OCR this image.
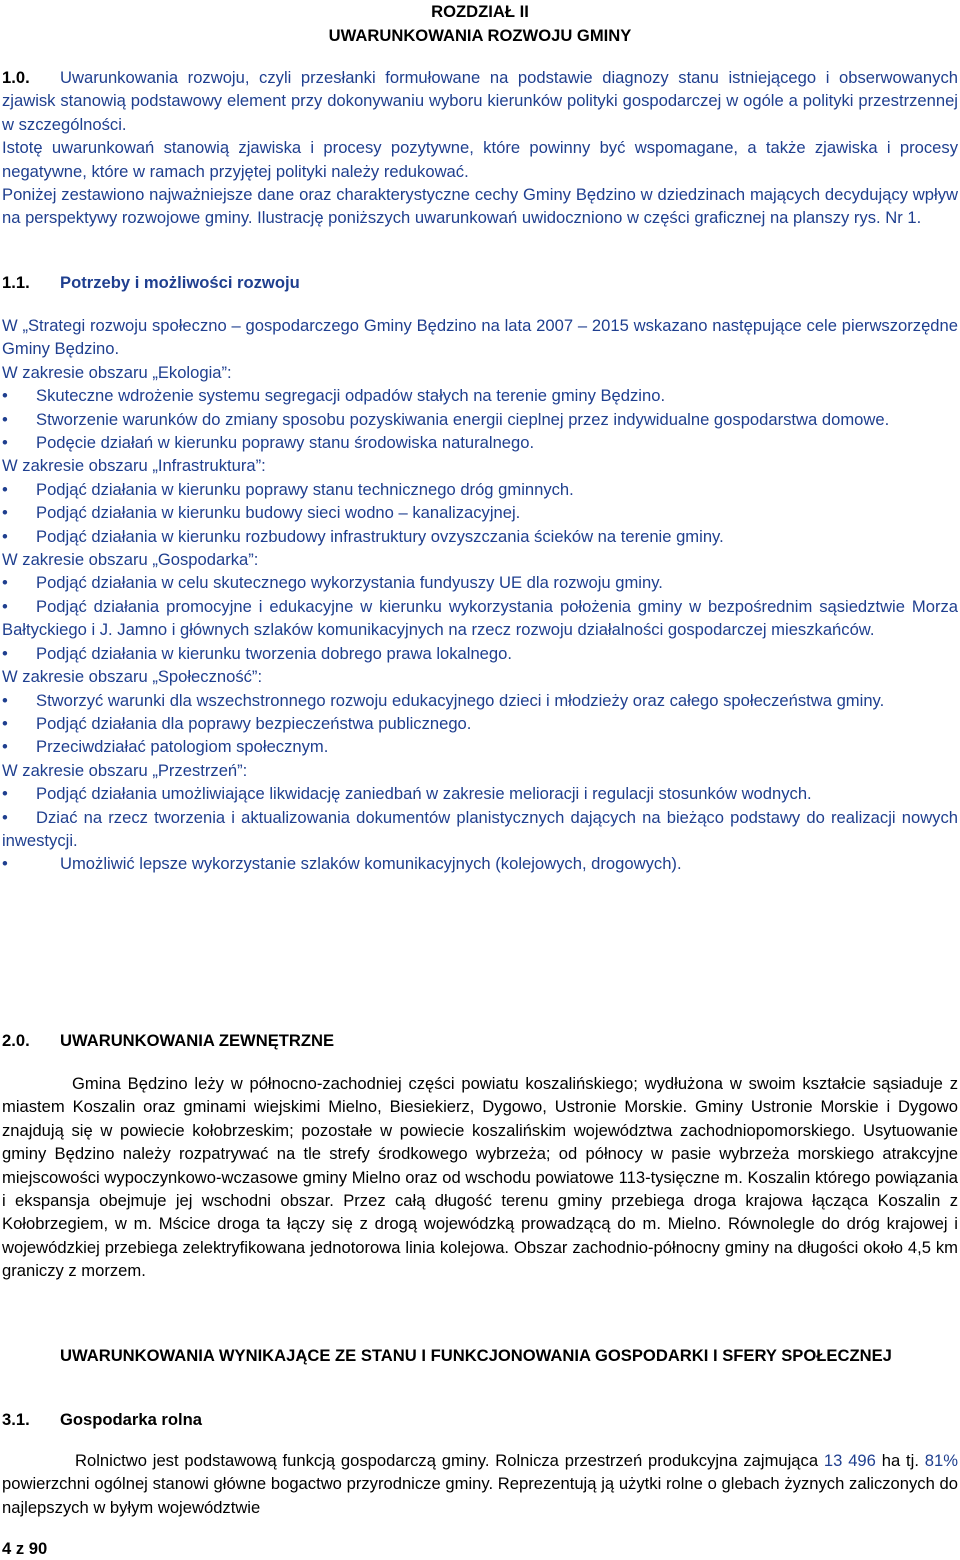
ROZDZIAŁ II
UWARUNKOWANIA ROZWOJU GMINY
1.0. Uwarunkowania rozwoju, czyli przesłanki formułowane na podstawie diagnozy stanu istniejącego i obserwowanych zjawisk stanowią podstawowy element przy dokonywaniu wyboru kierunków polityki gospodarczej w ogóle a polityki przestrzennej w szczególności.
Istotę uwarunkowań stanowią zjawiska i procesy pozytywne, które powinny być wspomagane, a także zjawiska i procesy negatywne, które w ramach przyjętej polityki należy redukować.
Poniżej zestawiono najważniejsze dane oraz charakterystyczne cechy Gminy Będzino w dziedzinach mających decydujący wpływ na perspektywy rozwojowe gminy. Ilustrację poniższych uwarunkowań uwidoczniono w części graficznej na planszy rys. Nr 1.
1.1. Potrzeby i możliwości rozwoju
W „Strategi rozwoju społeczno – gospodarczego Gminy Będzino na lata 2007 – 2015 wskazano następujące cele pierwszorzędne Gminy Będzino.
W zakresie obszaru „Ekologia”:
• Skuteczne wdrożenie systemu segregacji odpadów stałych na terenie gminy Będzino.
• Stworzenie warunków do zmiany sposobu pozyskiwania energii cieplnej przez indywidualne gospodarstwa domowe.
• Podęcie działań w kierunku poprawy stanu środowiska naturalnego.
W zakresie obszaru „Infrastruktura”:
• Podjąć działania w kierunku poprawy stanu technicznego dróg gminnych.
• Podjąć działania w kierunku budowy sieci wodno – kanalizacyjnej.
• Podjąć działania w kierunku rozbudowy infrastruktury ovzyszczania ścieków na terenie gminy.
W zakresie obszaru „Gospodarka”:
• Podjąć działania w celu skutecznego wykorzystania fundyuszy UE dla rozwoju gminy.
• Podjąć działania promocyjne i edukacyjne w kierunku wykorzystania położenia gminy w bezpośrednim sąsiedztwie Morza Bałtyckiego i J. Jamno i głównych szlaków komunikacyjnych na rzecz rozwoju działalności gospodarczej mieszkańców.
• Podjąć działania w kierunku tworzenia dobrego prawa lokalnego.
W zakresie obszaru „Społeczność”:
• Stworzyć warunki dla wszechstronnego rozwoju edukacyjnego dzieci i młodzieży oraz całego społeczeństwa gminy.
• Podjąć działania dla poprawy bezpieczeństwa publicznego.
• Przeciwdziałać patologiom społecznym.
W zakresie obszaru „Przestrzeń”:
• Podjąć działania umożliwiające likwidację zaniedbań w zakresie melioracji i regulacji stosunków wodnych.
• Dziać na rzecz tworzenia i aktualizowania dokumentów planistycznych dających na bieżąco podstawy do realizacji nowych inwestycji.
•	Umożliwić lepsze wykorzystanie szlaków komunikacyjnych (kolejowych, drogowych).
2.0. UWARUNKOWANIA ZEWNĘTRZNE
Gmina Będzino leży w północno-zachodniej części powiatu koszalińskiego; wydłużona w swoim kształcie sąsiaduje z miastem Koszalin oraz gminami wiejskimi Mielno, Biesiekierz, Dygowo, Ustronie Morskie. Gminy Ustronie Morskie i Dygowo znajdują się w powiecie kołobrzeskim; pozostałe w powiecie koszalińskim województwa zachodniopomorskiego. Usytuowanie gminy Będzino należy rozpatrywać na tle strefy środkowego wybrzeża; od północy w pasie wybrzeża morskiego atrakcyjne miejscowości wypoczynkowo-wczasowe gminy Mielno oraz od wschodu powiatowe 113-tysięczne m. Koszalin którego powiązania i ekspansja obejmuje jej wschodni obszar. Przez całą długość terenu gminy przebiega droga krajowa łącząca Koszalin z Kołobrzegiem, w m. Mścice droga ta łączy się z drogą wojewódzką prowadzącą do m. Mielno. Równolegle do dróg krajowej i wojewódzkiej przebiega zelektryfikowana jednotorowa linia kolejowa. Obszar zachodnio-północny gminy na długości około 4,5 km graniczy z morzem.
UWARUNKOWANIA WYNIKAJĄCE ZE STANU I FUNKCJONOWANIA GOSPODARKI I SFERY SPOŁECZNEJ
3.1. Gospodarka rolna
Rolnictwo jest podstawową funkcją gospodarczą gminy. Rolnicza przestrzeń produkcyjna zajmująca 13 496 ha tj. 81% powierzchni ogólnej stanowi główne bogactwo przyrodnicze gminy. Reprezentują ją użytki rolne o glebach żyznych zaliczonych do najlepszych w byłym województwie
4 z 90
